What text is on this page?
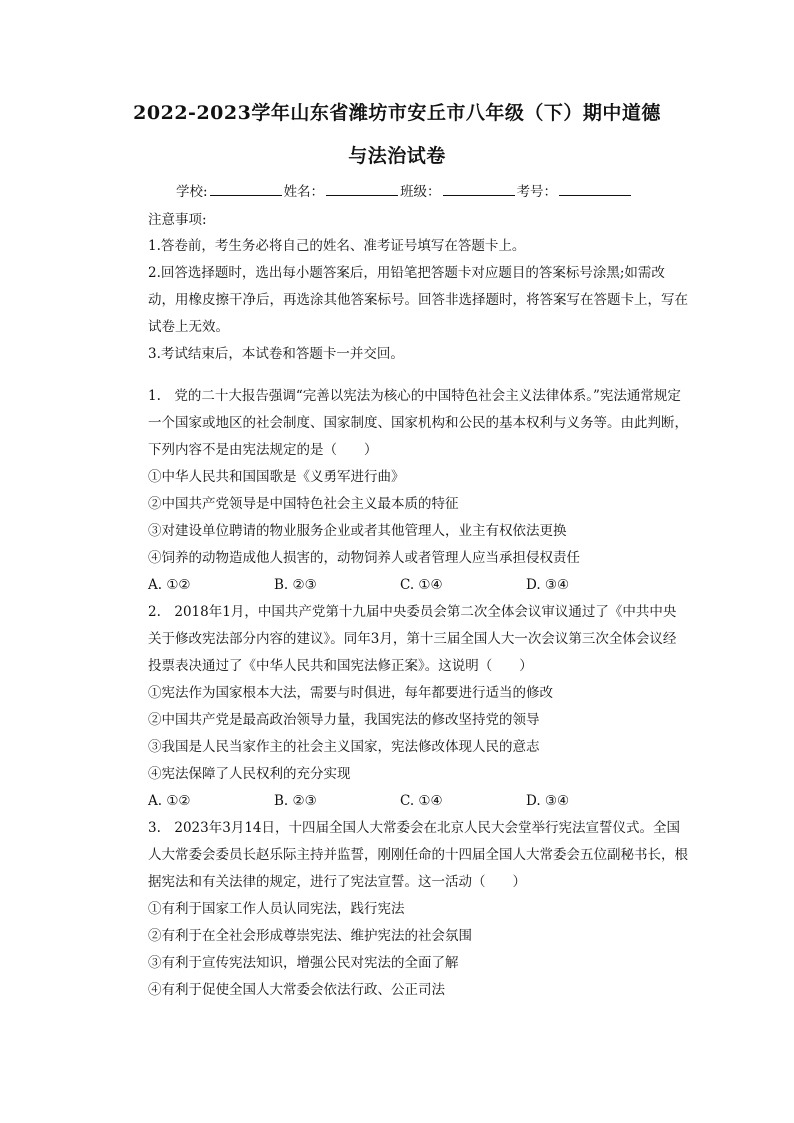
2022-2023学年山东省潍坊市安丘市八年级（下）期中道德
与法治试卷
学校:	姓名：	班级：	考号：
注意事项:

1.答卷前，考生务必将自己的姓名、准考证号填写在答题卡上。

2.回答选择题时，选出每小题答案后，用铅笔把答题卡对应题目的答案标号涂黑;如需改动，用橡皮擦干净后，再选涂其他答案标号。回答非选择题时，将答案写在答题卡上，写在试卷上无效。

3.考试结束后，本试卷和答题卡一并交回。

1.　党的二十大报告强调“完善以宪法为核心的中国特色社会主义法律体系。”宪法通常规定一个国家或地区的社会制度、国家制度、国家机构和公民的基本权利与义务等。由此判断，下列内容不是由宪法规定的是（　　）

①中华人民共和国国歌是《义勇军进行曲》

②中国共产党领导是中国特色社会主义最本质的特征

③对建设单位聘请的物业服务企业或者其他管理人，业主有权依法更换

④饲养的动物造成他人损害的，动物饲养人或者管理人应当承担侵权责任

A. ①②	B. ②③	C. ①④	D. ③④

2.　2018年1月，中国共产党第十九届中央委员会第二次全体会议审议通过了《中共中央关于修改宪法部分内容的建议》。同年3月，第十三届全国人大一次会议第三次全体会议经投票表决通过了《中华人民共和国宪法修正案》。这说明（　　）

①宪法作为国家根本大法，需要与时俱进，每年都要进行适当的修改

②中国共产党是最高政治领导力量，我国宪法的修改坚持党的领导

③我国是人民当家作主的社会主义国家，宪法修改体现人民的意志

④宪法保障了人民权利的充分实现

A. ①②	B. ②③	C. ①④	D. ③④

3.　2023年3月14日，十四届全国人大常委会在北京人民大会堂举行宪法宣誓仪式。全国人大常委会委员长赵乐际主持并监誓，刚刚任命的十四届全国人大常委会五位副秘书长，根据宪法和有关法律的规定，进行了宪法宣誓。这一活动（　　）

①有利于国家工作人员认同宪法，践行宪法

②有利于在全社会形成尊崇宪法、维护宪法的社会氛围

③有利于宣传宪法知识，增强公民对宪法的全面了解

④有利于促使全国人大常委会依法行政、公正司法
